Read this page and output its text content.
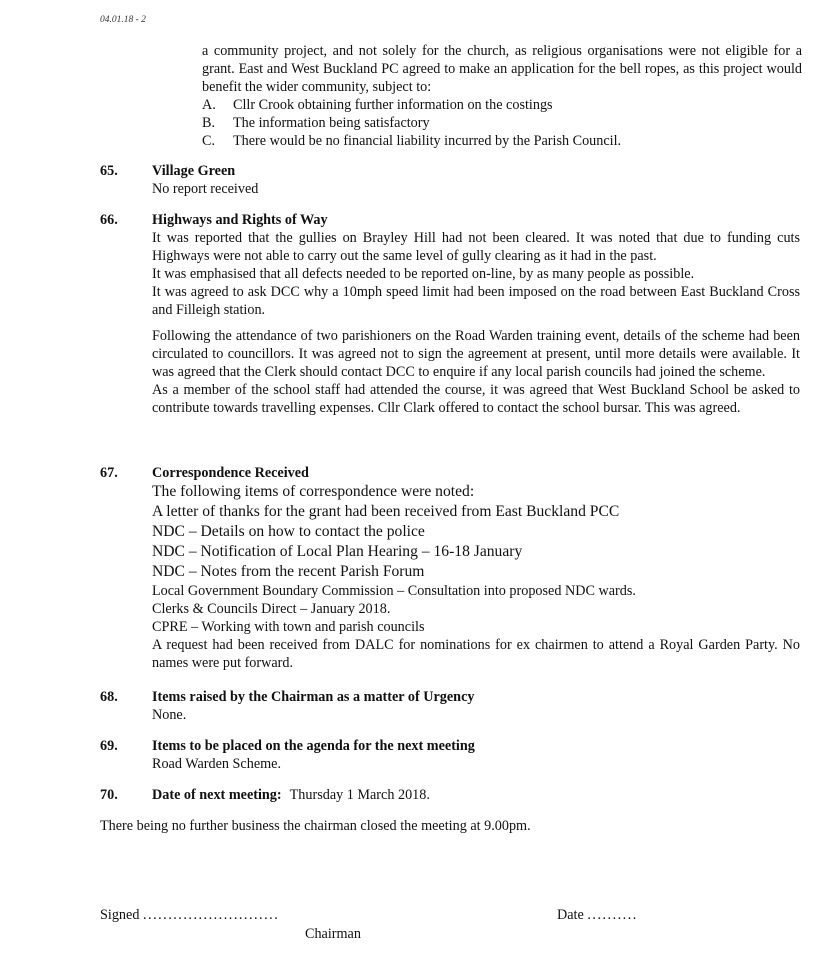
04.01.18 - 2

a community project, and not solely for the church, as religious organisations were not eligible for a grant. East and West Buckland PC agreed to make an application for the bell ropes, as this project would benefit the wider community, subject to:

A.	Cllr Crook obtaining further information on the costings
B.	The information being satisfactory
C.	There would be no financial liability incurred by the Parish Council.
65. Village Green

No report received

66. Highways and Rights of Way

It was reported that the gullies on Brayley Hill had not been cleared. It was noted that due to funding cuts Highways were not able to carry out the same level of gully clearing as it had in the past.

It was emphasised that all defects needed to be reported on-line, by as many people as possible.

It was agreed to ask DCC why a 10mph speed limit had been imposed on the road between East Buckland Cross and Filleigh station.

Following the attendance of two parishioners on the Road Warden training event, details of the scheme had been circulated to councillors. It was agreed not to sign the agreement at present, until more details were available. It was agreed that the Clerk should contact DCC to enquire if any local parish councils had joined the scheme.

As a member of the school staff had attended the course, it was agreed that West Buckland School be asked to contribute towards travelling expenses. Cllr Clark offered to contact the school bursar. This was agreed.

67. Correspondence Received

The following items of correspondence were noted:

A letter of thanks for the grant had been received from East Buckland PCC

NDC – Details on how to contact the police

NDC – Notification of Local Plan Hearing – 16-18 January

NDC – Notes from the recent Parish Forum

Local Government Boundary Commission – Consultation into proposed NDC wards.

Clerks & Councils Direct – January 2018.

CPRE – Working with town and parish councils

A request had been received from DALC for nominations for ex chairmen to attend a Royal Garden Party. No names were put forward.

68. Items raised by the Chairman as a matter of Urgency

None.

69. Items to be placed on the agenda for the next meeting

Road Warden Scheme.

70. Date of next meeting: Thursday 1 March 2018.

There being no further business the chairman closed the meeting at 9.00pm.

Signed ...........................
Chairman
Date ..........
